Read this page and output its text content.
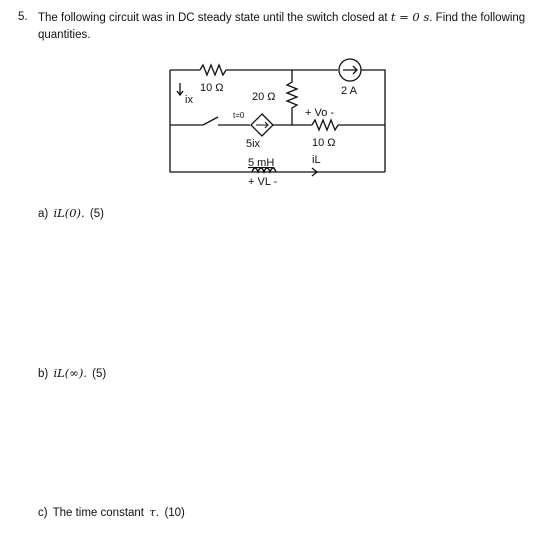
5. The following circuit was in DC steady state until the switch closed at t = 0 s. Find the following quantities.
10 Ω
ix	20 Ω
t=0
5ix
5 mH
+ VL -
2 A
+ Vo -
10 Ω
iL
a) iL(0). (5)
b) iL(∞). (5)
c) The time constant τ. (10)
